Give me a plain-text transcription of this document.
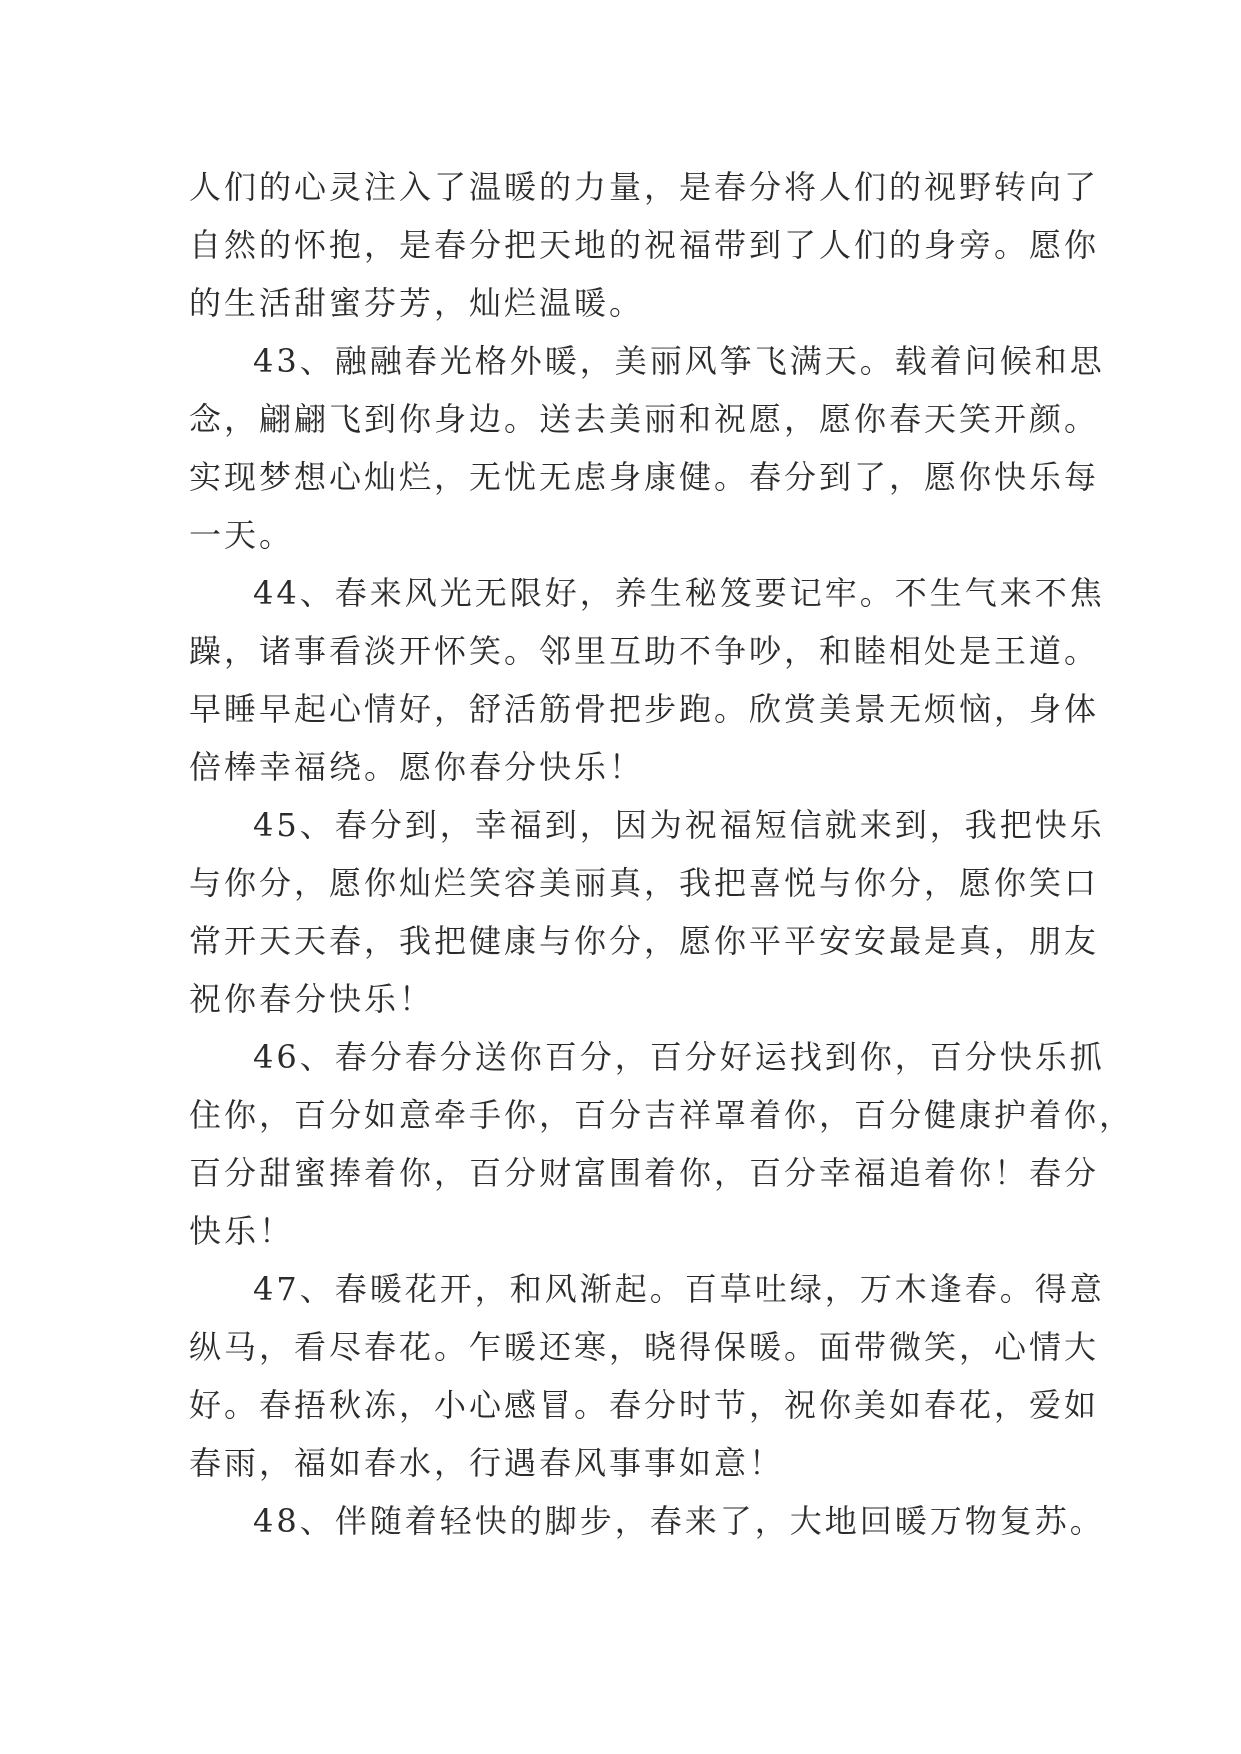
人们的心灵注入了温暖的力量，是春分将人们的视野转向了
自然的怀抱，是春分把天地的祝福带到了人们的身旁。愿你
的生活甜蜜芬芳，灿烂温暖。
43、融融春光格外暖，美丽风筝飞满天。载着问候和思
念，翩翩飞到你身边。送去美丽和祝愿，愿你春天笑开颜。
实现梦想心灿烂，无忧无虑身康健。春分到了，愿你快乐每
一天。
44、春来风光无限好，养生秘笈要记牢。不生气来不焦
躁，诸事看淡开怀笑。邻里互助不争吵，和睦相处是王道。
早睡早起心情好，舒活筋骨把步跑。欣赏美景无烦恼，身体
倍棒幸福绕。愿你春分快乐！
45、春分到，幸福到，因为祝福短信就来到，我把快乐
与你分，愿你灿烂笑容美丽真，我把喜悦与你分，愿你笑口
常开天天春，我把健康与你分，愿你平平安安最是真，朋友
祝你春分快乐！
46、春分春分送你百分，百分好运找到你，百分快乐抓
住你，百分如意牵手你，百分吉祥罩着你，百分健康护着你，
百分甜蜜捧着你，百分财富围着你，百分幸福追着你！春分
快乐！
47、春暖花开，和风渐起。百草吐绿，万木逢春。得意
纵马，看尽春花。乍暖还寒，晓得保暖。面带微笑，心情大
好。春捂秋冻，小心感冒。春分时节，祝你美如春花，爱如
春雨，福如春水，行遇春风事事如意！
48、伴随着轻快的脚步，春来了，大地回暖万物复苏。
